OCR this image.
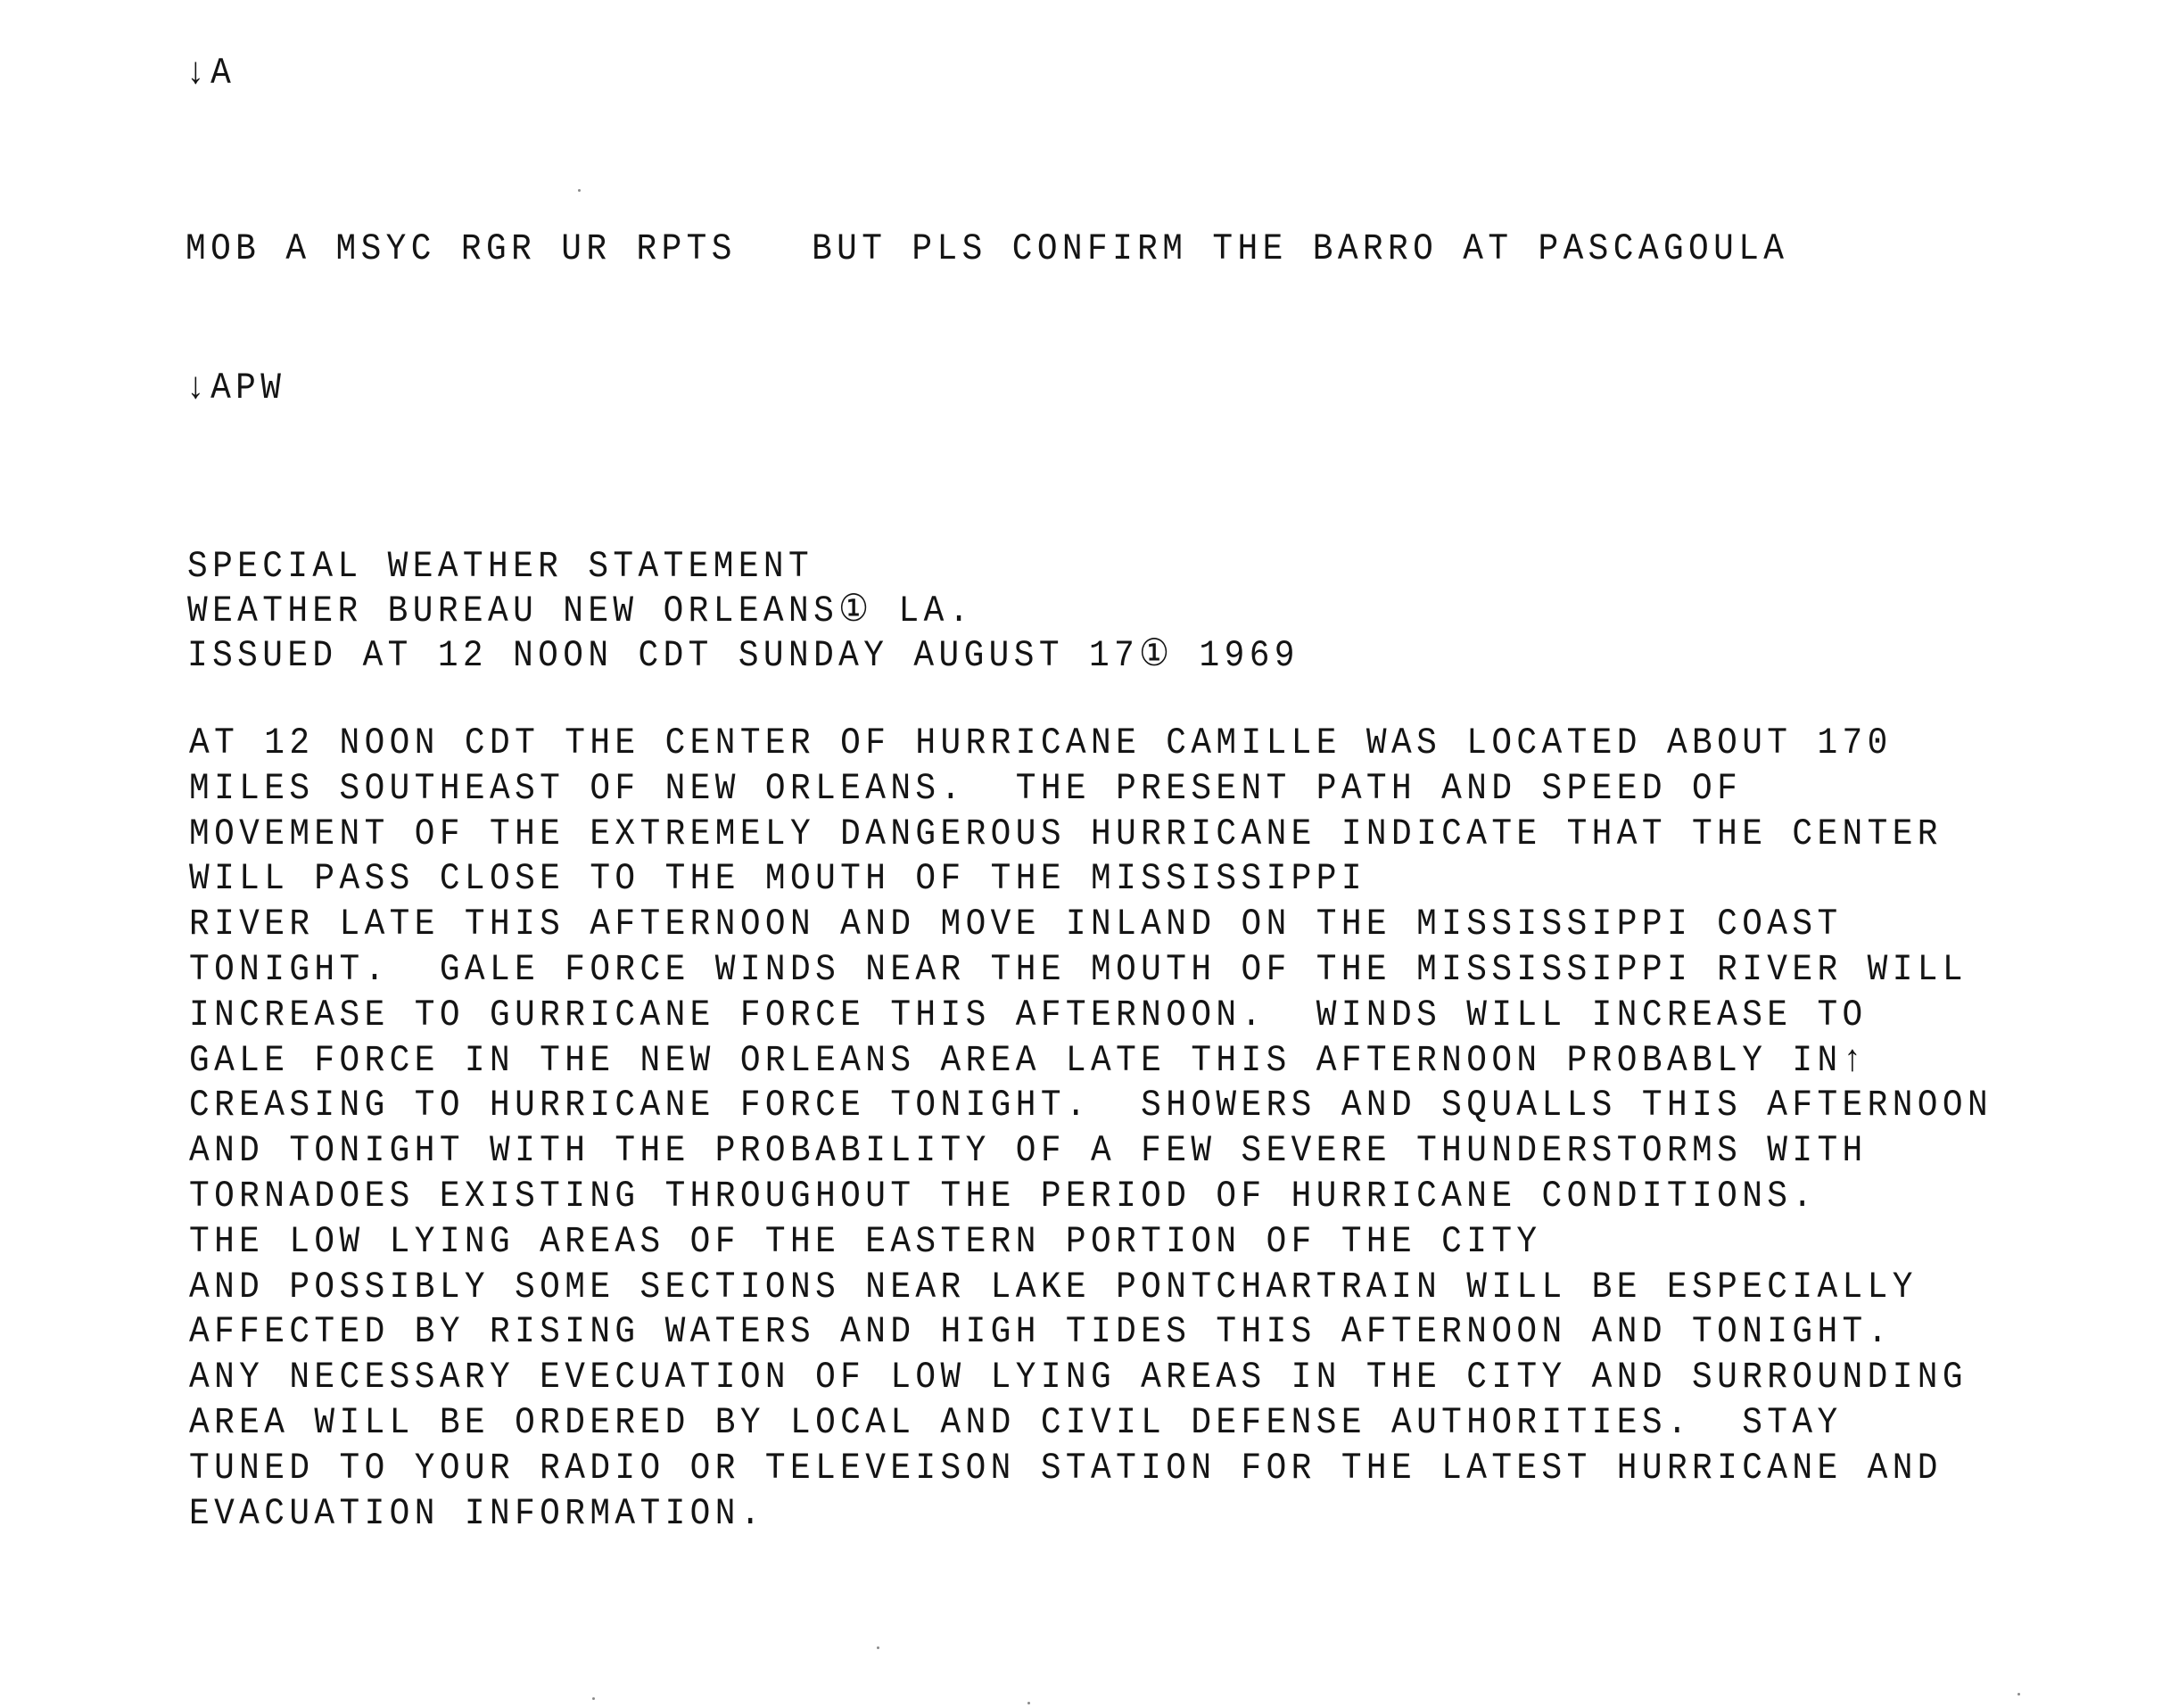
↓A
MOB A MSYC RGR UR RPTS   BUT PLS CONFIRM THE BARRO AT PASCAGOULA
↓APW
SPECIAL WEATHER STATEMENT
WEATHER BUREAU NEW ORLEANS① LA.
ISSUED AT 12 NOON CDT SUNDAY AUGUST 17① 1969
AT 12 NOON CDT THE CENTER OF HURRICANE CAMILLE WAS LOCATED ABOUT 170
MILES SOUTHEAST OF NEW ORLEANS.  THE PRESENT PATH AND SPEED OF
MOVEMENT OF THE EXTREMELY DANGEROUS HURRICANE INDICATE THAT THE CENTER
WILL PASS CLOSE TO THE MOUTH OF THE MISSISSIPPI
RIVER LATE THIS AFTERNOON AND MOVE INLAND ON THE MISSISSIPPI COAST
TONIGHT.  GALE FORCE WINDS NEAR THE MOUTH OF THE MISSISSIPPI RIVER WILL
INCREASE TO GURRICANE FORCE THIS AFTERNOON.  WINDS WILL INCREASE TO
GALE FORCE IN THE NEW ORLEANS AREA LATE THIS AFTERNOON PROBABLY IN↑
CREASING TO HURRICANE FORCE TONIGHT.  SHOWERS AND SQUALLS THIS AFTERNOON
AND TONIGHT WITH THE PROBABILITY OF A FEW SEVERE THUNDERSTORMS WITH
TORNADOES EXISTING THROUGHOUT THE PERIOD OF HURRICANE CONDITIONS.
THE LOW LYING AREAS OF THE EASTERN PORTION OF THE CITY
AND POSSIBLY SOME SECTIONS NEAR LAKE PONTCHARTRAIN WILL BE ESPECIALLY
AFFECTED BY RISING WATERS AND HIGH TIDES THIS AFTERNOON AND TONIGHT.
ANY NECESSARY EVECUATION OF LOW LYING AREAS IN THE CITY AND SURROUNDING
AREA WILL BE ORDERED BY LOCAL AND CIVIL DEFENSE AUTHORITIES.  STAY
TUNED TO YOUR RADIO OR TELEVEISON STATION FOR THE LATEST HURRICANE AND
EVACUATION INFORMATION.
